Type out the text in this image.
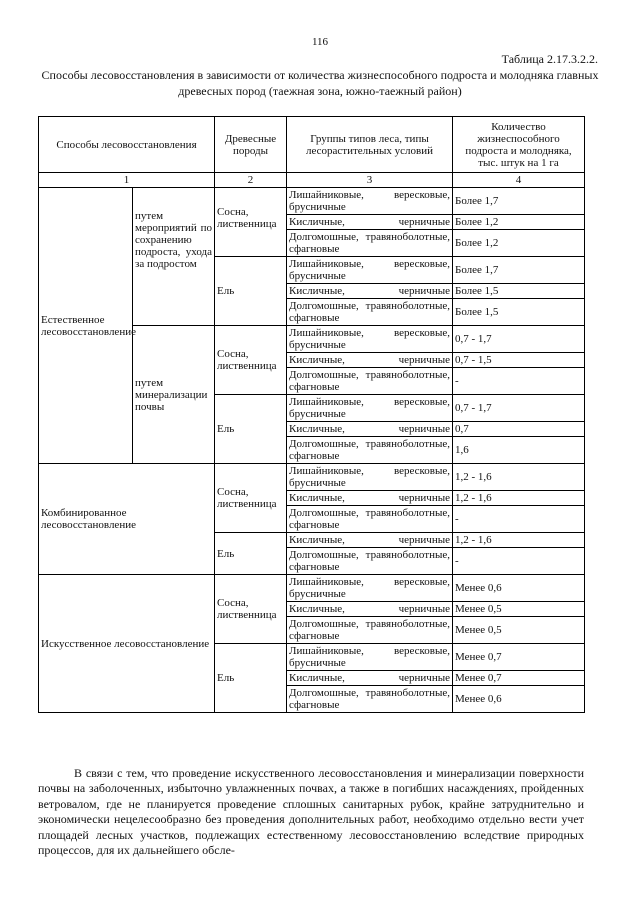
116
Таблица 2.17.3.2.2.
Способы лесовосстановления в зависимости от количества жизнеспособного подроста и молодняка главных древесных пород (таежная зона, южно-таежный район)
Способы лесовосстановления		Древесные породы	Группы типов леса, типы лесорастительных условий	Количество жизнеспособного подроста и молодняка, тыс. штук на 1 га
1		2	3	4
Естественное лесовосстановление	путем мероприятий по сохранению подроста, ухода за подростом	Сосна, лиственница	Лишайниковые, вересковые, брусничные	Более 1,7
			Кисличные, черничные	Более 1,2
			Долгомошные, травяноболотные, сфагновые	Более 1,2
		Ель	Лишайниковые, вересковые, брусничные	Более 1,7
			Кисличные, черничные	Более 1,5
			Долгомошные, травяноболотные, сфагновые	Более 1,5
	путем минерализации почвы	Сосна, лиственница	Лишайниковые, вересковые, брусничные	0,7 - 1,7
			Кисличные, черничные	0,7 - 1,5
			Долгомошные, травяноболотные, сфагновые	-
		Ель	Лишайниковые, вересковые, брусничные	0,7 - 1,7
			Кисличные, черничные	0,7
			Долгомошные, травяноболотные, сфагновые	1,6
Комбинированное лесовосстановление		Сосна, лиственница	Лишайниковые, вересковые, брусничные	1,2 - 1,6
			Кисличные, черничные	1,2 - 1,6
			Долгомошные, травяноболотные, сфагновые	-
		Ель	Кисличные, черничные	1,2 - 1,6
			Долгомошные, травяноболотные, сфагновые	-
Искусственное лесовосстановление		Сосна, лиственница	Лишайниковые, вересковые, брусничные	Менее 0,6
			Кисличные, черничные	Менее 0,5
			Долгомошные, травяноболотные, сфагновые	Менее 0,5
		Ель	Лишайниковые, вересковые, брусничные	Менее 0,7
			Кисличные, черничные	Менее 0,7
			Долгомошные, травяноболотные, сфагновые	Менее 0,6
В связи с тем, что проведение искусственного лесовосстановления и минерализации поверхности почвы на заболоченных, избыточно увлажненных почвах, а также в погибших насаждениях, пройденных ветровалом, где не планируется проведение сплошных санитарных рубок, крайне затруднительно и экономически нецелесообразно без проведения дополнительных работ, необходимо отдельно вести учет площадей лесных участков, подлежащих естественному лесовосстановлению вследствие природных процессов, для их дальнейшего обсле-
